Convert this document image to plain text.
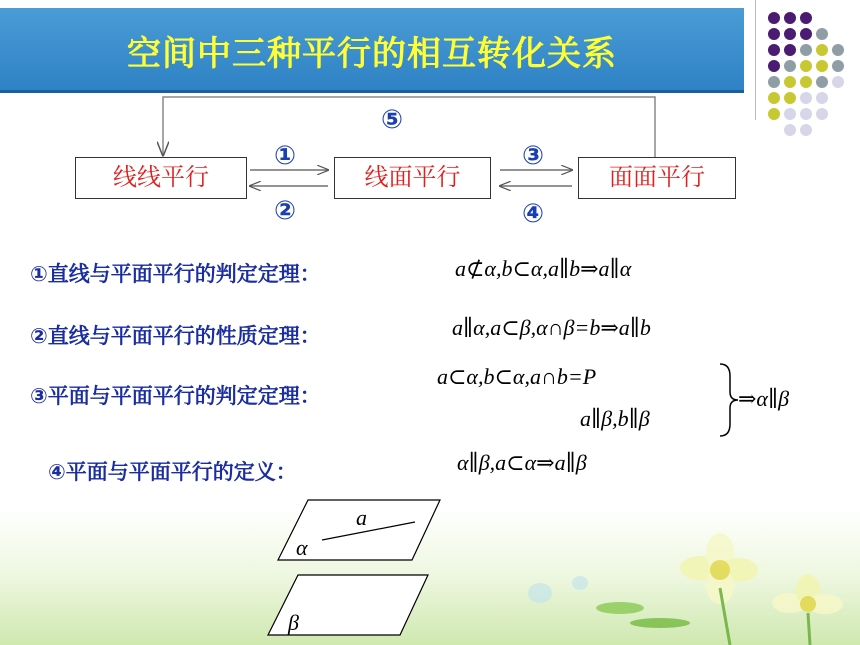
空间中三种平行的相互转化关系
线线平行	线面平行	面面平行
⑤
①
②
③
④
①直线与平面平行的判定定理：	a⊄α,b⊂α,a∥b⇒a∥α
②直线与平面平行的性质定理：	a∥α,a⊂β,α∩β=b⇒a∥b
③平面与平面平行的判定定理：
a⊂α,b⊂α,a∩b=P
a∥β,b∥β
⇒α∥β
④平面与平面平行的定义：	α∥β,a⊂α⇒a∥β
a
α
β
